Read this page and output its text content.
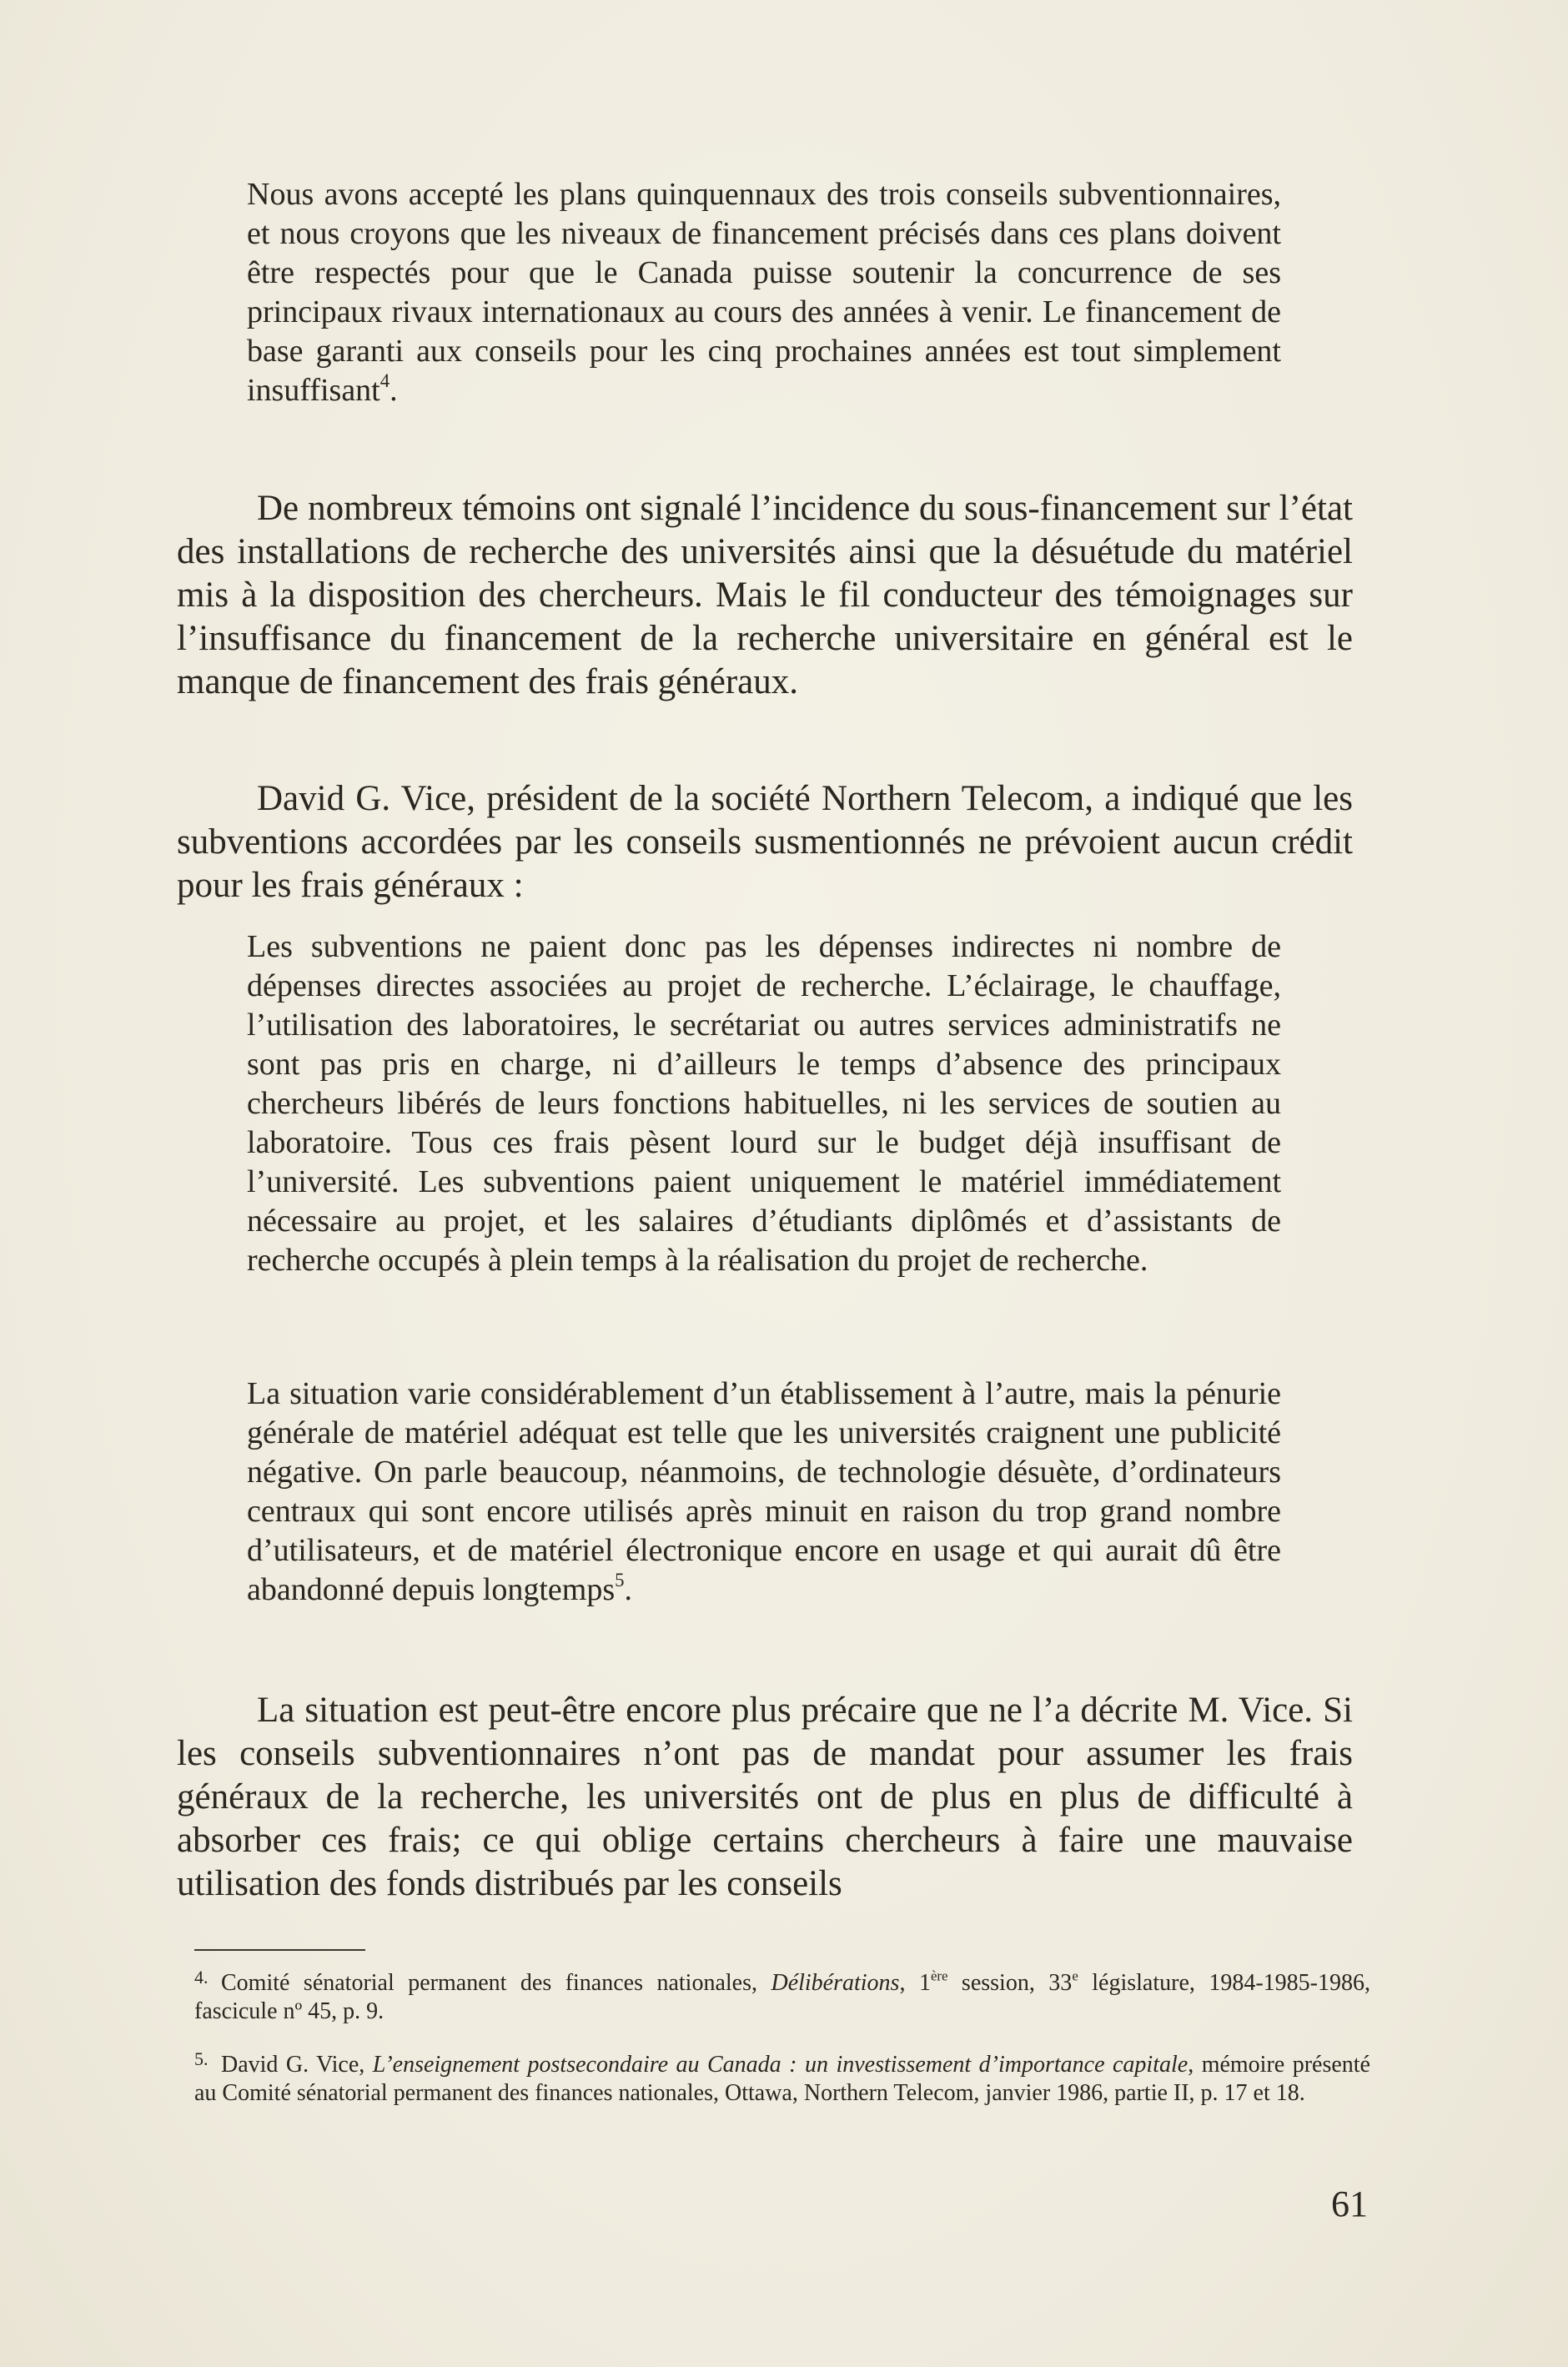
Nous avons accepté les plans quinquennaux des trois conseils subventionnaires, et nous croyons que les niveaux de financement précisés dans ces plans doivent être respectés pour que le Canada puisse soutenir la concurrence de ses principaux rivaux internationaux au cours des années à venir. Le financement de base garanti aux conseils pour les cinq prochaines années est tout simplement insuffisant$^4$.

De nombreux témoins ont signalé l’incidence du sous-financement sur l’état des installations de recherche des universités ainsi que la désuétude du matériel mis à la disposition des chercheurs. Mais le fil conducteur des témoignages sur l’insuffisance du financement de la recherche universitaire en général est le manque de financement des frais généraux.

David G. Vice, président de la société Northern Telecom, a indiqué que les subventions accordées par les conseils susmentionnés ne prévoient aucun crédit pour les frais généraux :

Les subventions ne paient donc pas les dépenses indirectes ni nombre de dépenses directes associées au projet de recherche. L’éclairage, le chauffage, l’utilisation des laboratoires, le secrétariat ou autres services administratifs ne sont pas pris en charge, ni d’ailleurs le temps d’absence des principaux chercheurs libérés de leurs fonctions habituelles, ni les services de soutien au laboratoire. Tous ces frais pèsent lourd sur le budget déjà insuffisant de l’université. Les subventions paient uniquement le matériel immédiatement nécessaire au projet, et les salaires d’étudiants diplômés et d’assistants de recherche occupés à plein temps à la réalisation du projet de recherche.

La situation varie considérablement d’un établissement à l’autre, mais la pénurie générale de matériel adéquat est telle que les universités craignent une publicité négative. On parle beaucoup, néanmoins, de technologie désuète, d’ordinateurs centraux qui sont encore utilisés après minuit en raison du trop grand nombre d’utilisateurs, et de matériel électronique encore en usage et qui aurait dû être abandonné depuis longtemps$^5$.

La situation est peut-être encore plus précaire que ne l’a décrite M. Vice. Si les conseils subventionnaires n’ont pas de mandat pour assumer les frais généraux de la recherche, les universités ont de plus en plus de difficulté à absorber ces frais; ce qui oblige certains chercheurs à faire une mauvaise utilisation des fonds distribués par les conseils

4. Comité sénatorial permanent des finances nationales, Délibérations, 1ère session, 33e législature, 1984-1985-1986, fascicule nº 45, p. 9.

5. David G. Vice, L’enseignement postsecondaire au Canada : un investissement d’importance capitale, mémoire présenté au Comité sénatorial permanent des finances nationales, Ottawa, Northern Telecom, janvier 1986, partie II, p. 17 et 18.

61
